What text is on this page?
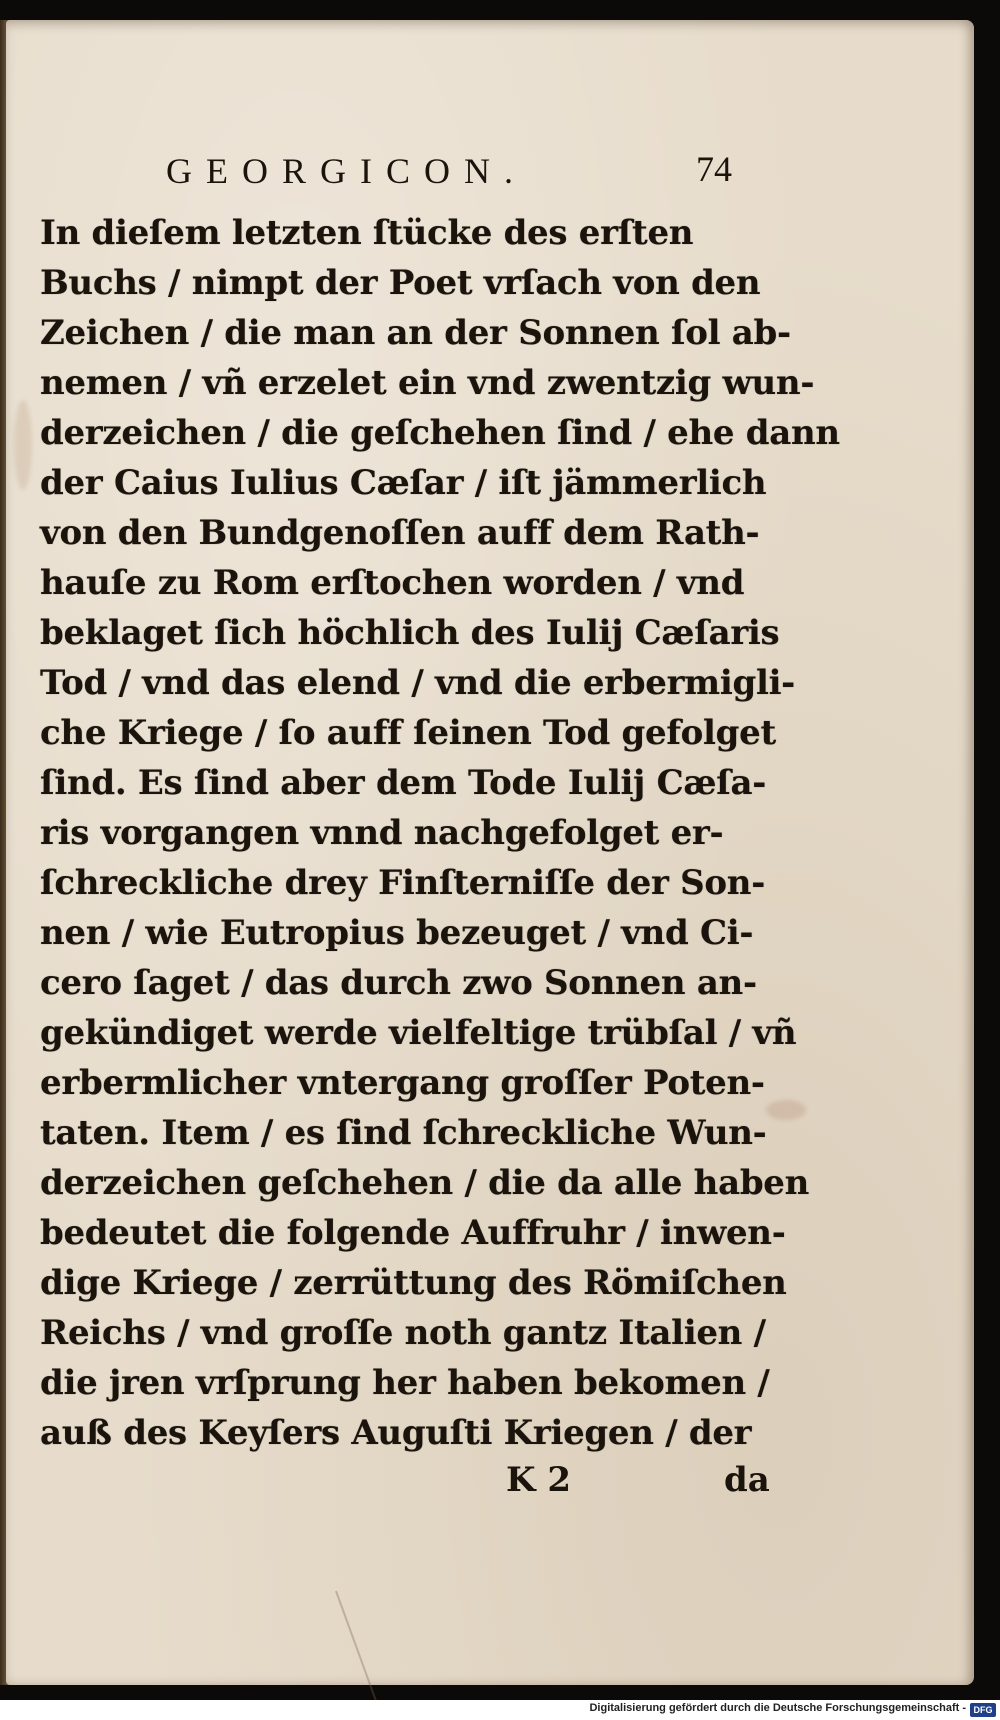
GEORGICON.	74
In dieſem letzten ſtücke des erſten
Buchs / nimpt der Poet vrſach von den
Zeichen / die man an der Sonnen ſol ab-
nemen / vñ erzelet ein vnd zwentzig wun-
derzeichen / die geſchehen ſind / ehe dann
der Caius Iulius Cæſar / iſt jämmerlich
von den Bundgenoſſen auff dem Rath-
hauſe zu Rom erſtochen worden / vnd
beklaget ſich höchlich des Iulij Cæſaris
Tod / vnd das elend / vnd die erbermigli-
che Kriege / ſo auff ſeinen Tod gefolget
ſind. Es ſind aber dem Tode Iulij Cæſa-
ris vorgangen vnnd nachgefolget er-
ſchreckliche drey Finſterniſſe der Son-
nen / wie Eutropius bezeuget / vnd Ci-
cero ſaget / das durch zwo Sonnen an-
gekündiget werde vielfeltige trübſal / vñ
erbermlicher vntergang groſſer Poten-
taten. Item / es ſind ſchreckliche Wun-
derzeichen geſchehen / die da alle haben
bedeutet die folgende Auffruhr / inwen-
dige Kriege / zerrüttung des Römiſchen
Reichs / vnd groſſe noth gantz Italien /
die jren vrſprung her haben bekomen /
auß des Keyſers Auguſti Kriegen / der
K 2	da
Digitalisierung gefördert durch die Deutsche Forschungsgemeinschaft - DFG
